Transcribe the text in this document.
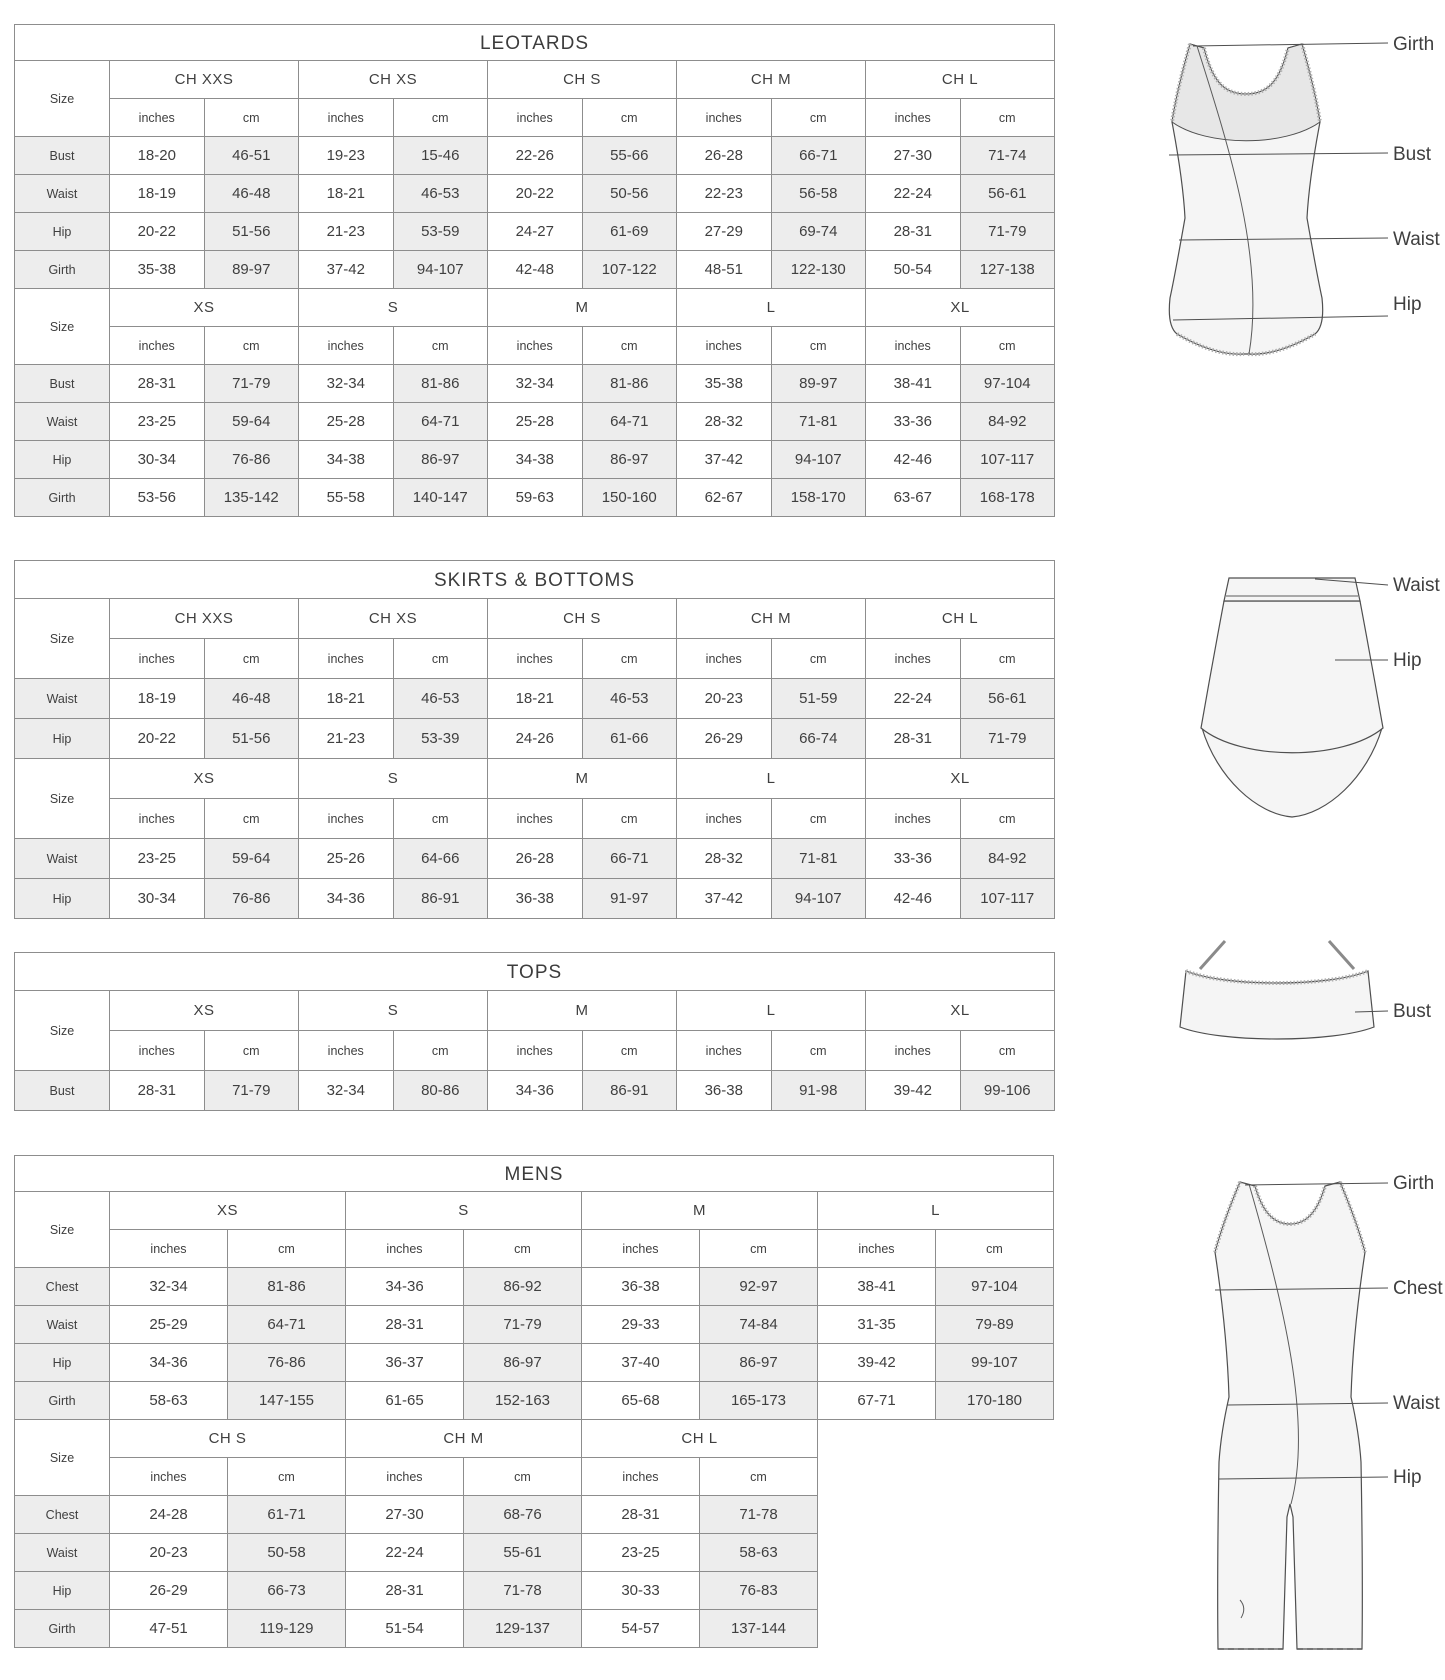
LEOTARDS
Size	CH XXS		CH XS		CH S		CH M		CH L	
	inches	cm	inches	cm	inches	cm	inches	cm	inches	cm
Bust	18-20	46-51	19-23	15-46	22-26	55-66	26-28	66-71	27-30	71-74
Waist	18-19	46-48	18-21	46-53	20-22	50-56	22-23	56-58	22-24	56-61
Hip	20-22	51-56	21-23	53-59	24-27	61-69	27-29	69-74	28-31	71-79
Girth	35-38	89-97	37-42	94-107	42-48	107-122	48-51	122-130	50-54	127-138
Size	XS		S		M		L		XL	
	inches	cm	inches	cm	inches	cm	inches	cm	inches	cm
Bust	28-31	71-79	32-34	81-86	32-34	81-86	35-38	89-97	38-41	97-104
Waist	23-25	59-64	25-28	64-71	25-28	64-71	28-32	71-81	33-36	84-92
Hip	30-34	76-86	34-38	86-97	34-38	86-97	37-42	94-107	42-46	107-117
Girth	53-56	135-142	55-58	140-147	59-63	150-160	62-67	158-170	63-67	168-178
SKIRTS & BOTTOMS
Size	CH XXS		CH XS		CH S		CH M		CH L	
	inches	cm	inches	cm	inches	cm	inches	cm	inches	cm
Waist	18-19	46-48	18-21	46-53	18-21	46-53	20-23	51-59	22-24	56-61
Hip	20-22	51-56	21-23	53-39	24-26	61-66	26-29	66-74	28-31	71-79
Size	XS		S		M		L		XL	
	inches	cm	inches	cm	inches	cm	inches	cm	inches	cm
Waist	23-25	59-64	25-26	64-66	26-28	66-71	28-32	71-81	33-36	84-92
Hip	30-34	76-86	34-36	86-91	36-38	91-97	37-42	94-107	42-46	107-117
TOPS
Size	XS		S		M		L		XL	
	inches	cm	inches	cm	inches	cm	inches	cm	inches	cm
Bust	28-31	71-79	32-34	80-86	34-36	86-91	36-38	91-98	39-42	99-106
MENS
Size	XS		S		M		L	
	inches	cm	inches	cm	inches	cm	inches	cm
Chest	32-34	81-86	34-36	86-92	36-38	92-97	38-41	97-104
Waist	25-29	64-71	28-31	71-79	29-33	74-84	31-35	79-89
Hip	34-36	76-86	36-37	86-97	37-40	86-97	39-42	99-107
Girth	58-63	147-155	61-65	152-163	65-68	165-173	67-71	170-180
Size	CH S		CH M		CH L	
	inches	cm	inches	cm	inches	cm
Chest	24-28	61-71	27-30	68-76	28-31	71-78
Waist	20-23	50-58	22-24	55-61	23-25	58-63
Hip	26-29	66-73	28-31	71-78	30-33	76-83
Girth	47-51	119-129	51-54	129-137	54-57	137-144
Girth
Bust
Waist
Hip
Waist
Hip
Bust
Girth
Chest
Waist
Hip
